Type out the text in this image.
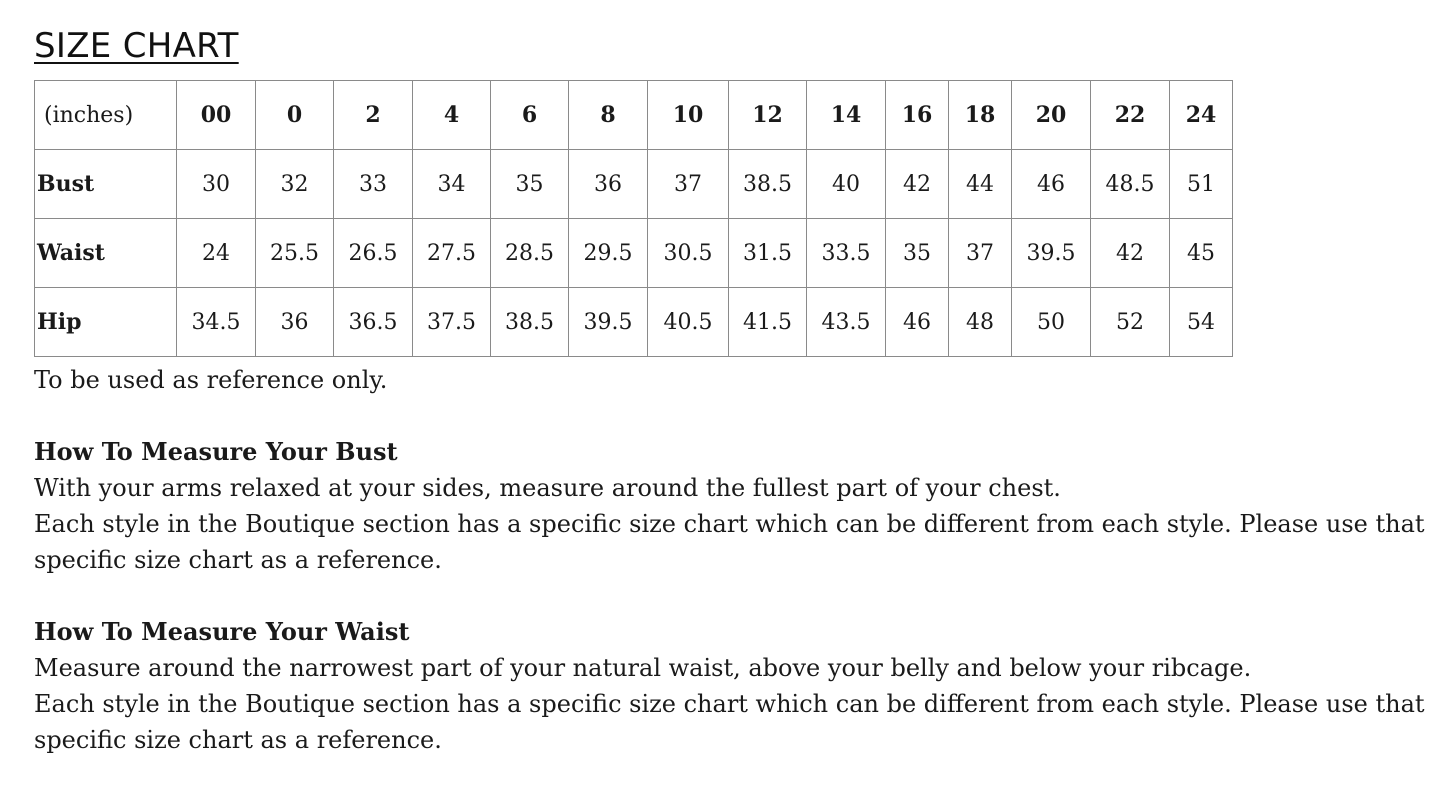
SIZE CHART
(inches)	00	0	2	4	6	8	10	12	14	16	18	20	22	24
Bust	30	32	33	34	35	36	37	38.5	40	42	44	46	48.5	51
Waist	24	25.5	26.5	27.5	28.5	29.5	30.5	31.5	33.5	35	37	39.5	42	45
Hip	34.5	36	36.5	37.5	38.5	39.5	40.5	41.5	43.5	46	48	50	52	54

To be used as reference only.

How To Measure Your Bust

With your arms relaxed at your sides, measure around the fullest part of your chest.

Each style in the Boutique section has a specific size chart which can be different from each style. Please use that specific size chart as a reference.

How To Measure Your Waist

Measure around the narrowest part of your natural waist, above your belly and below your ribcage.

Each style in the Boutique section has a specific size chart which can be different from each style. Please use that specific size chart as a reference.
